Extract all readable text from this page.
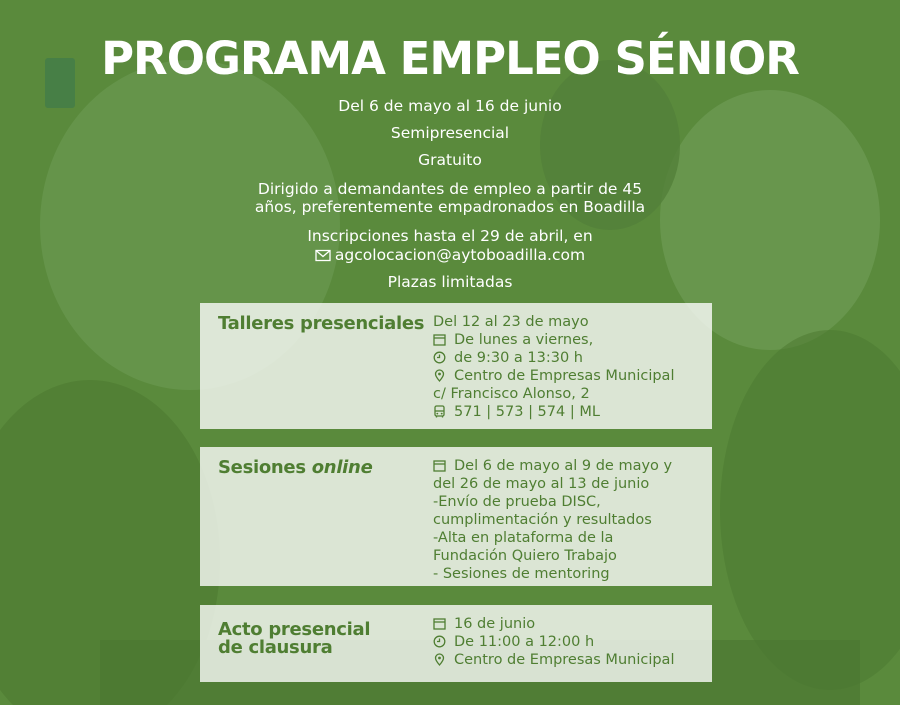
PROGRAMA EMPLEO SÉNIOR
Del 6 de mayo al 16 de junio
Semipresencial
Gratuito
Dirigido a demandantes de empleo a partir de 45
años, preferentemente empadronados en Boadilla
Inscripciones hasta el 29 de abril, en
agcolocacion@aytoboadilla.com
Plazas limitadas
Talleres presenciales Del 12 al 23 de mayo
De lunes a viernes,
de 9:30 a 13:30 h
Centro de Empresas Municipal
c/ Francisco Alonso, 2
571 | 573 | 574 | ML
Sesiones online	Del 6 de mayo al 9 de mayo y
del 26 de mayo al 13 de junio
-Envío de prueba DISC,
cumplimentación y resultados
-Alta en plataforma de la
Fundación Quiero Trabajo
- Sesiones de mentoring
Acto presencial
de clausura
16 de junio
De 11:00 a 12:00 h
Centro de Empresas Municipal
